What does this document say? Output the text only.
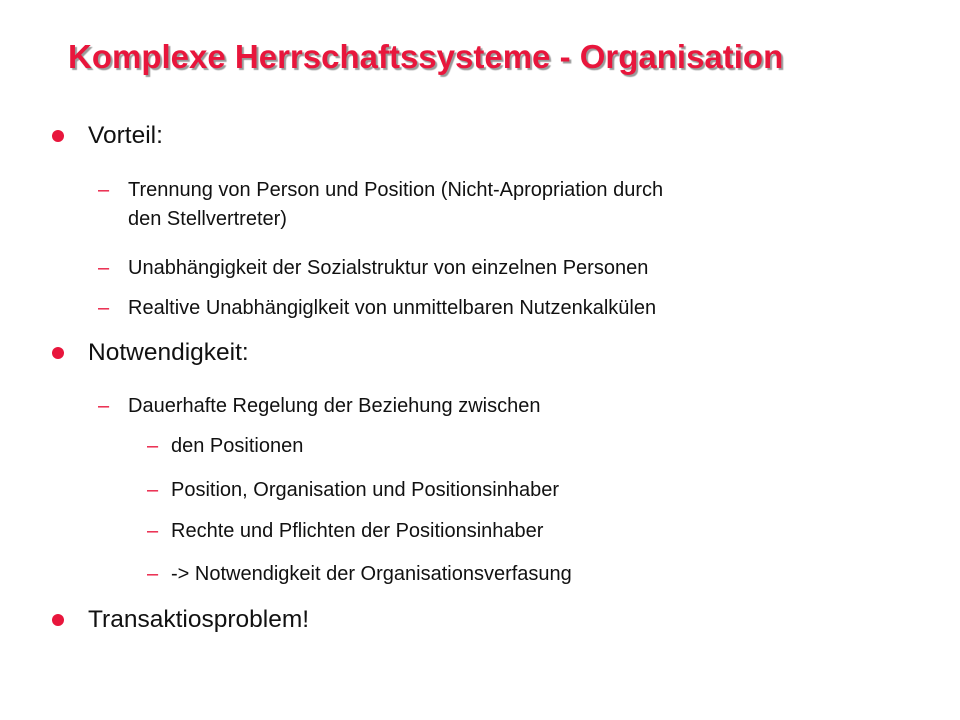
Komplexe Herrschaftssysteme - Organisation
Vorteil:
– Trennung von Person und Position (Nicht-Apropriation durch
den Stellvertreter)
– Unabhängigkeit der Sozialstruktur von einzelnen Personen
– Realtive Unabhängiglkeit von unmittelbaren Nutzenkalkülen
Notwendigkeit:
– Dauerhafte Regelung der Beziehung zwischen
– den Positionen
– Position, Organisation und Positionsinhaber
– Rechte und Pflichten der Positionsinhaber
– -> Notwendigkeit der Organisationsverfasung
Transaktiosproblem!
